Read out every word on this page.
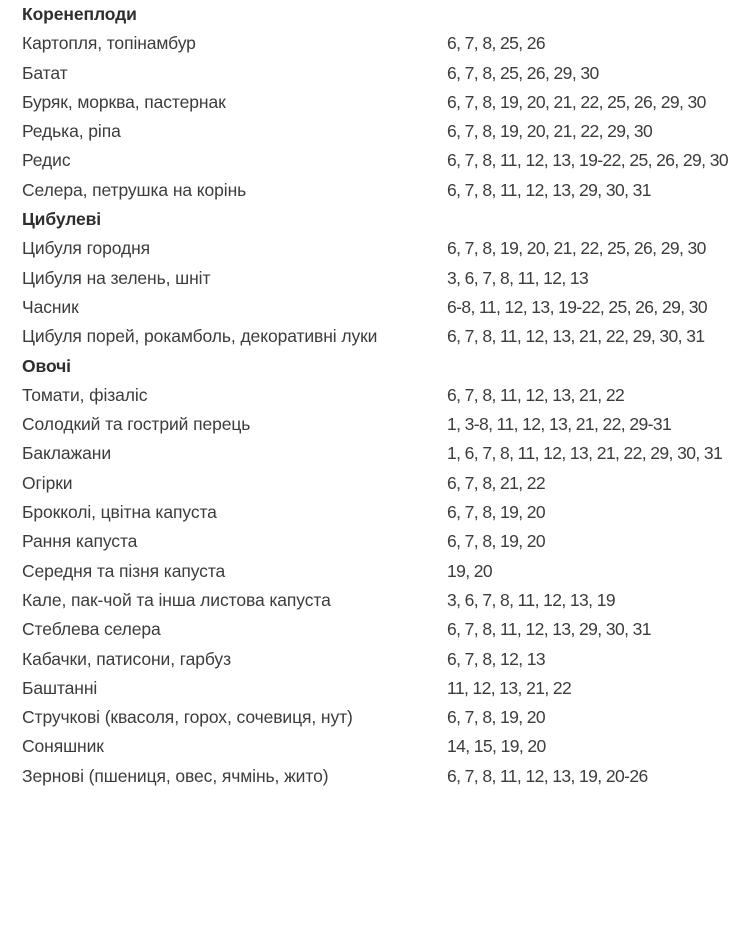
Коренеплоди	
Картопля, топінамбур	6, 7, 8, 25, 26
Батат	6, 7, 8, 25, 26, 29, 30
Буряк, морква, пастернак	6, 7, 8, 19, 20, 21, 22, 25, 26, 29, 30
Редька, ріпа	6, 7, 8, 19, 20, 21, 22, 29, 30
Редис	6, 7, 8, 11, 12, 13, 19-22, 25, 26, 29, 30
Селера, петрушка на корінь	6, 7, 8, 11, 12, 13, 29, 30, 31
Цибулеві	
Цибуля городня	6, 7, 8, 19, 20, 21, 22, 25, 26, 29, 30
Цибуля на зелень, шніт	3, 6, 7, 8, 11, 12, 13
Часник	6-8, 11, 12, 13, 19-22, 25, 26, 29, 30
Цибуля порей, рокамболь, декоративні луки	6, 7, 8, 11, 12, 13, 21, 22, 29, 30, 31
Овочі	
Томати, фізаліс	6, 7, 8, 11, 12, 13, 21, 22
Солодкий та гострий перець	1, 3-8, 11, 12, 13, 21, 22, 29-31
Баклажани	1, 6, 7, 8, 11, 12, 13, 21, 22, 29, 30, 31
Огірки	6, 7, 8, 21, 22
Брокколі, цвітна капуста	6, 7, 8, 19, 20
Рання капуста	6, 7, 8, 19, 20
Середня та пізня капуста	19, 20
Кале, пак-чой та інша листова капуста	3, 6, 7, 8, 11, 12, 13, 19
Стеблева селера	6, 7, 8, 11, 12, 13, 29, 30, 31
Кабачки, патисони, гарбуз	6, 7, 8, 12, 13
Баштанні	11, 12, 13, 21, 22
Стручкові (квасоля, горох, сочевиця, нут)	6, 7, 8, 19, 20
Соняшник	14, 15, 19, 20
Зернові (пшениця, овес, ячмінь, жито)	6, 7, 8, 11, 12, 13, 19, 20-26
